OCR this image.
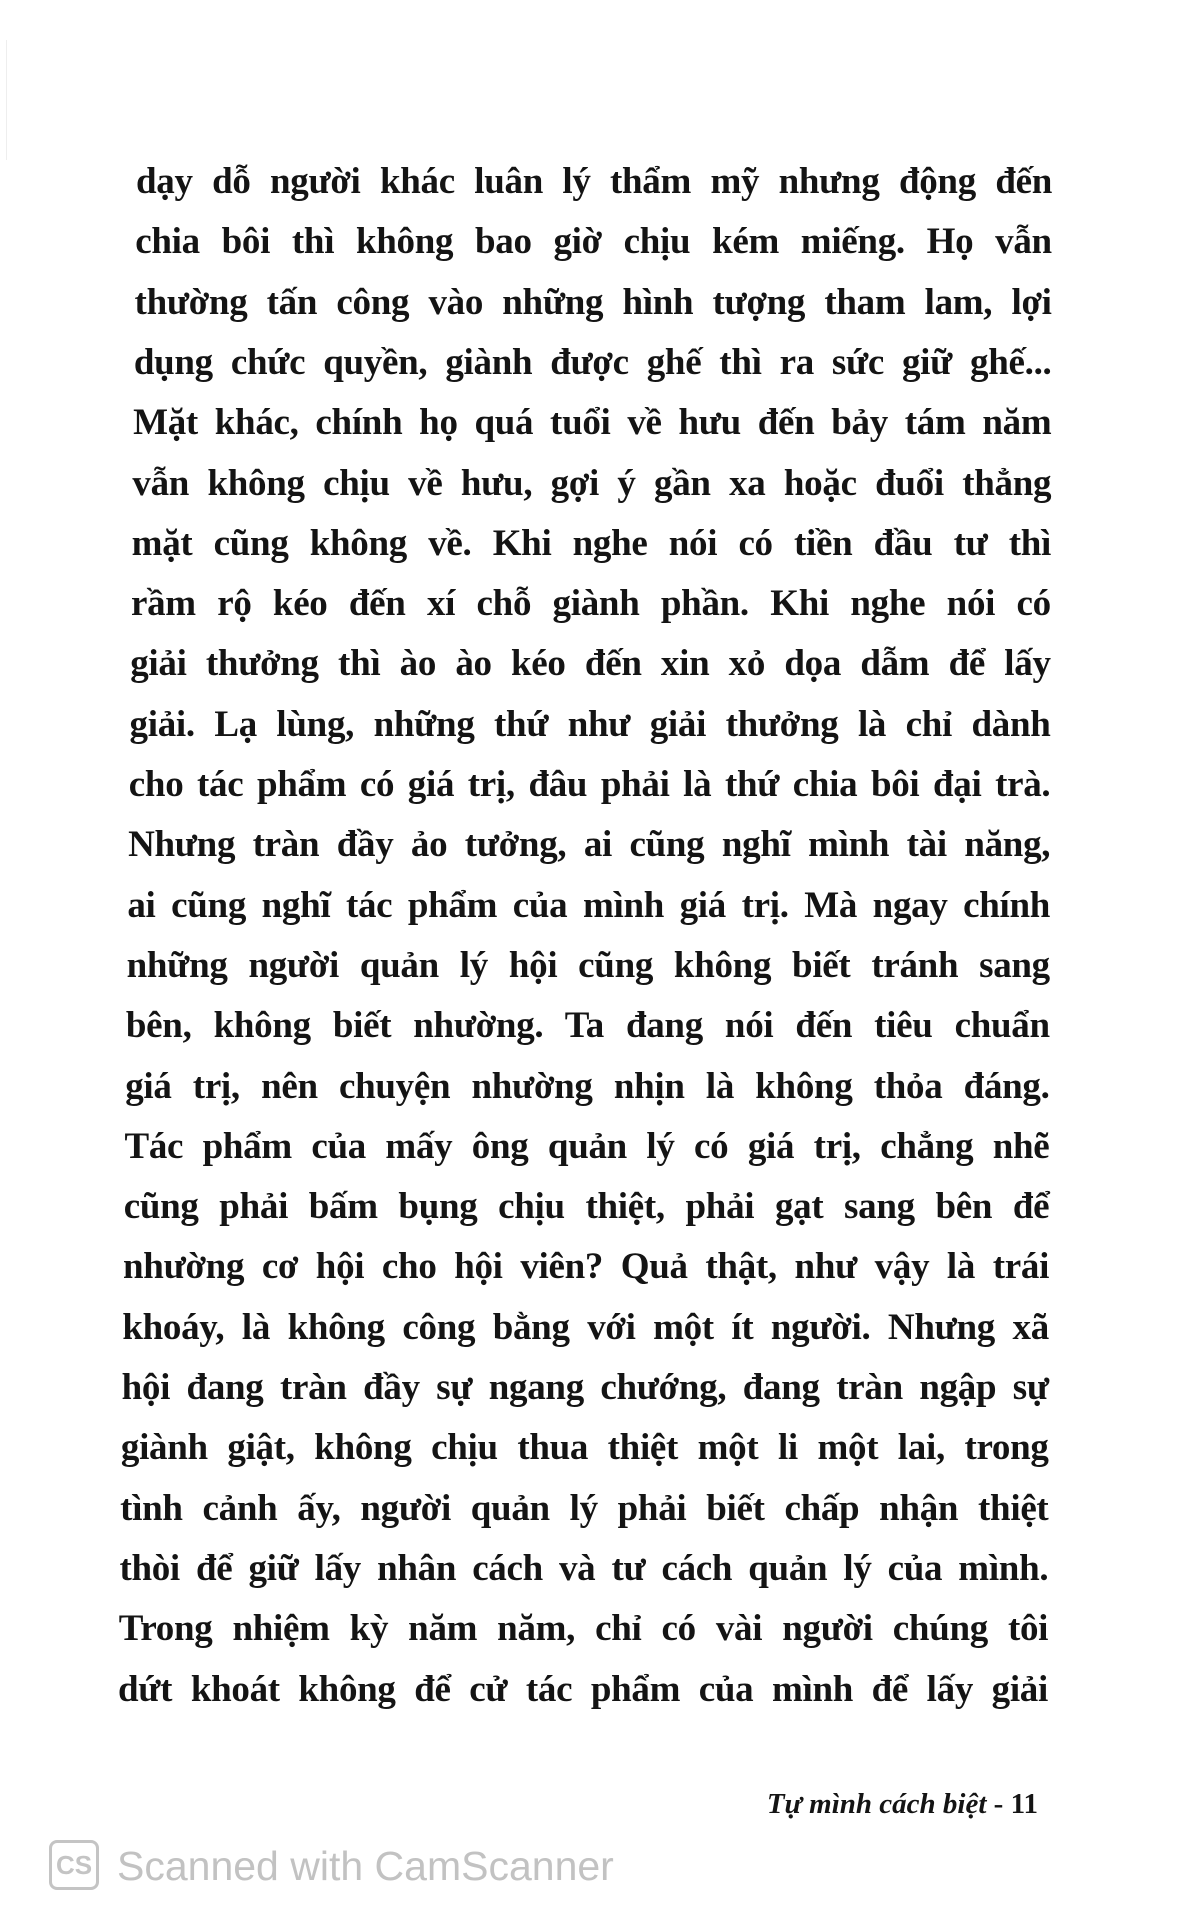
dạy dỗ người khác luân lý thẩm mỹ nhưng động đến
chia bôi thì không bao giờ chịu kém miếng. Họ vẫn
thường tấn công vào những hình tượng tham lam, lợi
dụng chức quyền, giành được ghế thì ra sức giữ ghế...
Mặt khác, chính họ quá tuổi về hưu đến bảy tám năm
vẫn không chịu về hưu, gợi ý gần xa hoặc đuổi thẳng
mặt cũng không về. Khi nghe nói có tiền đầu tư thì
rầm rộ kéo đến xí chỗ giành phần. Khi nghe nói có
giải thưởng thì ào ào kéo đến xin xỏ dọa dẫm để lấy
giải. Lạ lùng, những thứ như giải thưởng là chỉ dành
cho tác phẩm có giá trị, đâu phải là thứ chia bôi đại trà.
Nhưng tràn đầy ảo tưởng, ai cũng nghĩ mình tài năng,
ai cũng nghĩ tác phẩm của mình giá trị. Mà ngay chính
những người quản lý hội cũng không biết tránh sang
bên, không biết nhường. Ta đang nói đến tiêu chuẩn
giá trị, nên chuyện nhường nhịn là không thỏa đáng.
Tác phẩm của mấy ông quản lý có giá trị, chẳng nhẽ
cũng phải bấm bụng chịu thiệt, phải gạt sang bên để
nhường cơ hội cho hội viên? Quả thật, như vậy là trái
khoáy, là không công bằng với một ít người. Nhưng xã
hội đang tràn đầy sự ngang chướng, đang tràn ngập sự
giành giật, không chịu thua thiệt một li một lai, trong
tình cảnh ấy, người quản lý phải biết chấp nhận thiệt
thòi để giữ lấy nhân cách và tư cách quản lý của mình.
Trong nhiệm kỳ năm năm, chỉ có vài người chúng tôi
dứt khoát không để cử tác phẩm của mình để lấy giải
Tự mình cách biệt - 11
CS Scanned with CamScanner
